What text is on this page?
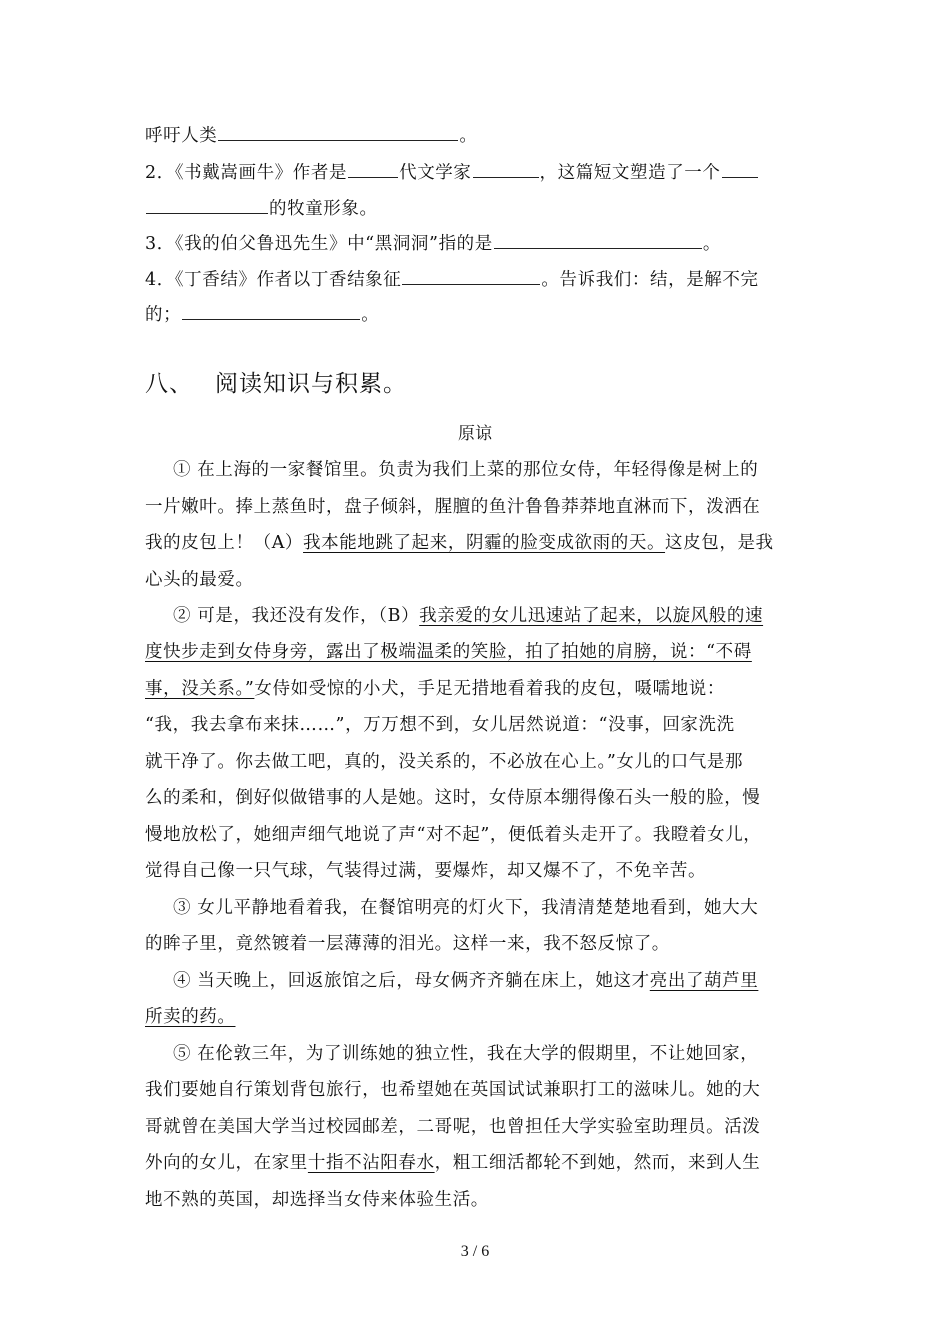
呼吁人类	。
2．《书戴嵩画牛》作者是	代文学家	，这篇短文塑造了一个
的牧童形象。
3．《我的伯父鲁迅先生》中“黑洞洞”指的是	。
4．《丁香结》作者以丁香结象征	。告诉我们：结，是解不完
的；	。
八、 阅读知识与积累。
原谅
① 在上海的一家餐馆里。负责为我们上菜的那位女侍，年轻得像是树上的
一片嫩叶。捧上蒸鱼时，盘子倾斜，腥膻的鱼汁鲁鲁莽莽地直淋而下，泼洒在
我的皮包上！（A）我本能地跳了起来，阴霾的脸变成欲雨的天。这皮包，是我
心头的最爱。
② 可是，我还没有发作，（B）我亲爱的女儿迅速站了起来，以旋风般的速
度快步走到女侍身旁，露出了极端温柔的笑脸，拍了拍她的肩膀，说：“不碍
事，没关系。”女侍如受惊的小犬，手足无措地看着我的皮包，嗫嚅地说：
“我，我去拿布来抹……”，万万想不到，女儿居然说道：“没事，回家洗洗
就干净了。你去做工吧，真的，没关系的，不必放在心上。”女儿的口气是那
么的柔和，倒好似做错事的人是她。这时，女侍原本绷得像石头一般的脸，慢
慢地放松了，她细声细气地说了声“对不起”，便低着头走开了。我瞪着女儿，
觉得自己像一只气球，气装得过满，要爆炸，却又爆不了，不免辛苦。
③ 女儿平静地看着我，在餐馆明亮的灯火下，我清清楚楚地看到，她大大
的眸子里，竟然镀着一层薄薄的泪光。这样一来，我不怒反惊了。
④ 当天晚上，回返旅馆之后，母女俩齐齐躺在床上，她这才亮出了葫芦里
所卖的药。
⑤ 在伦敦三年，为了训练她的独立性，我在大学的假期里，不让她回家，
我们要她自行策划背包旅行，也希望她在英国试试兼职打工的滋味儿。她的大
哥就曾在美国大学当过校园邮差，二哥呢，也曾担任大学实验室助理员。活泼
外向的女儿，在家里十指不沾阳春水，粗工细活都轮不到她，然而，来到人生
地不熟的英国，却选择当女侍来体验生活。
3 / 6
